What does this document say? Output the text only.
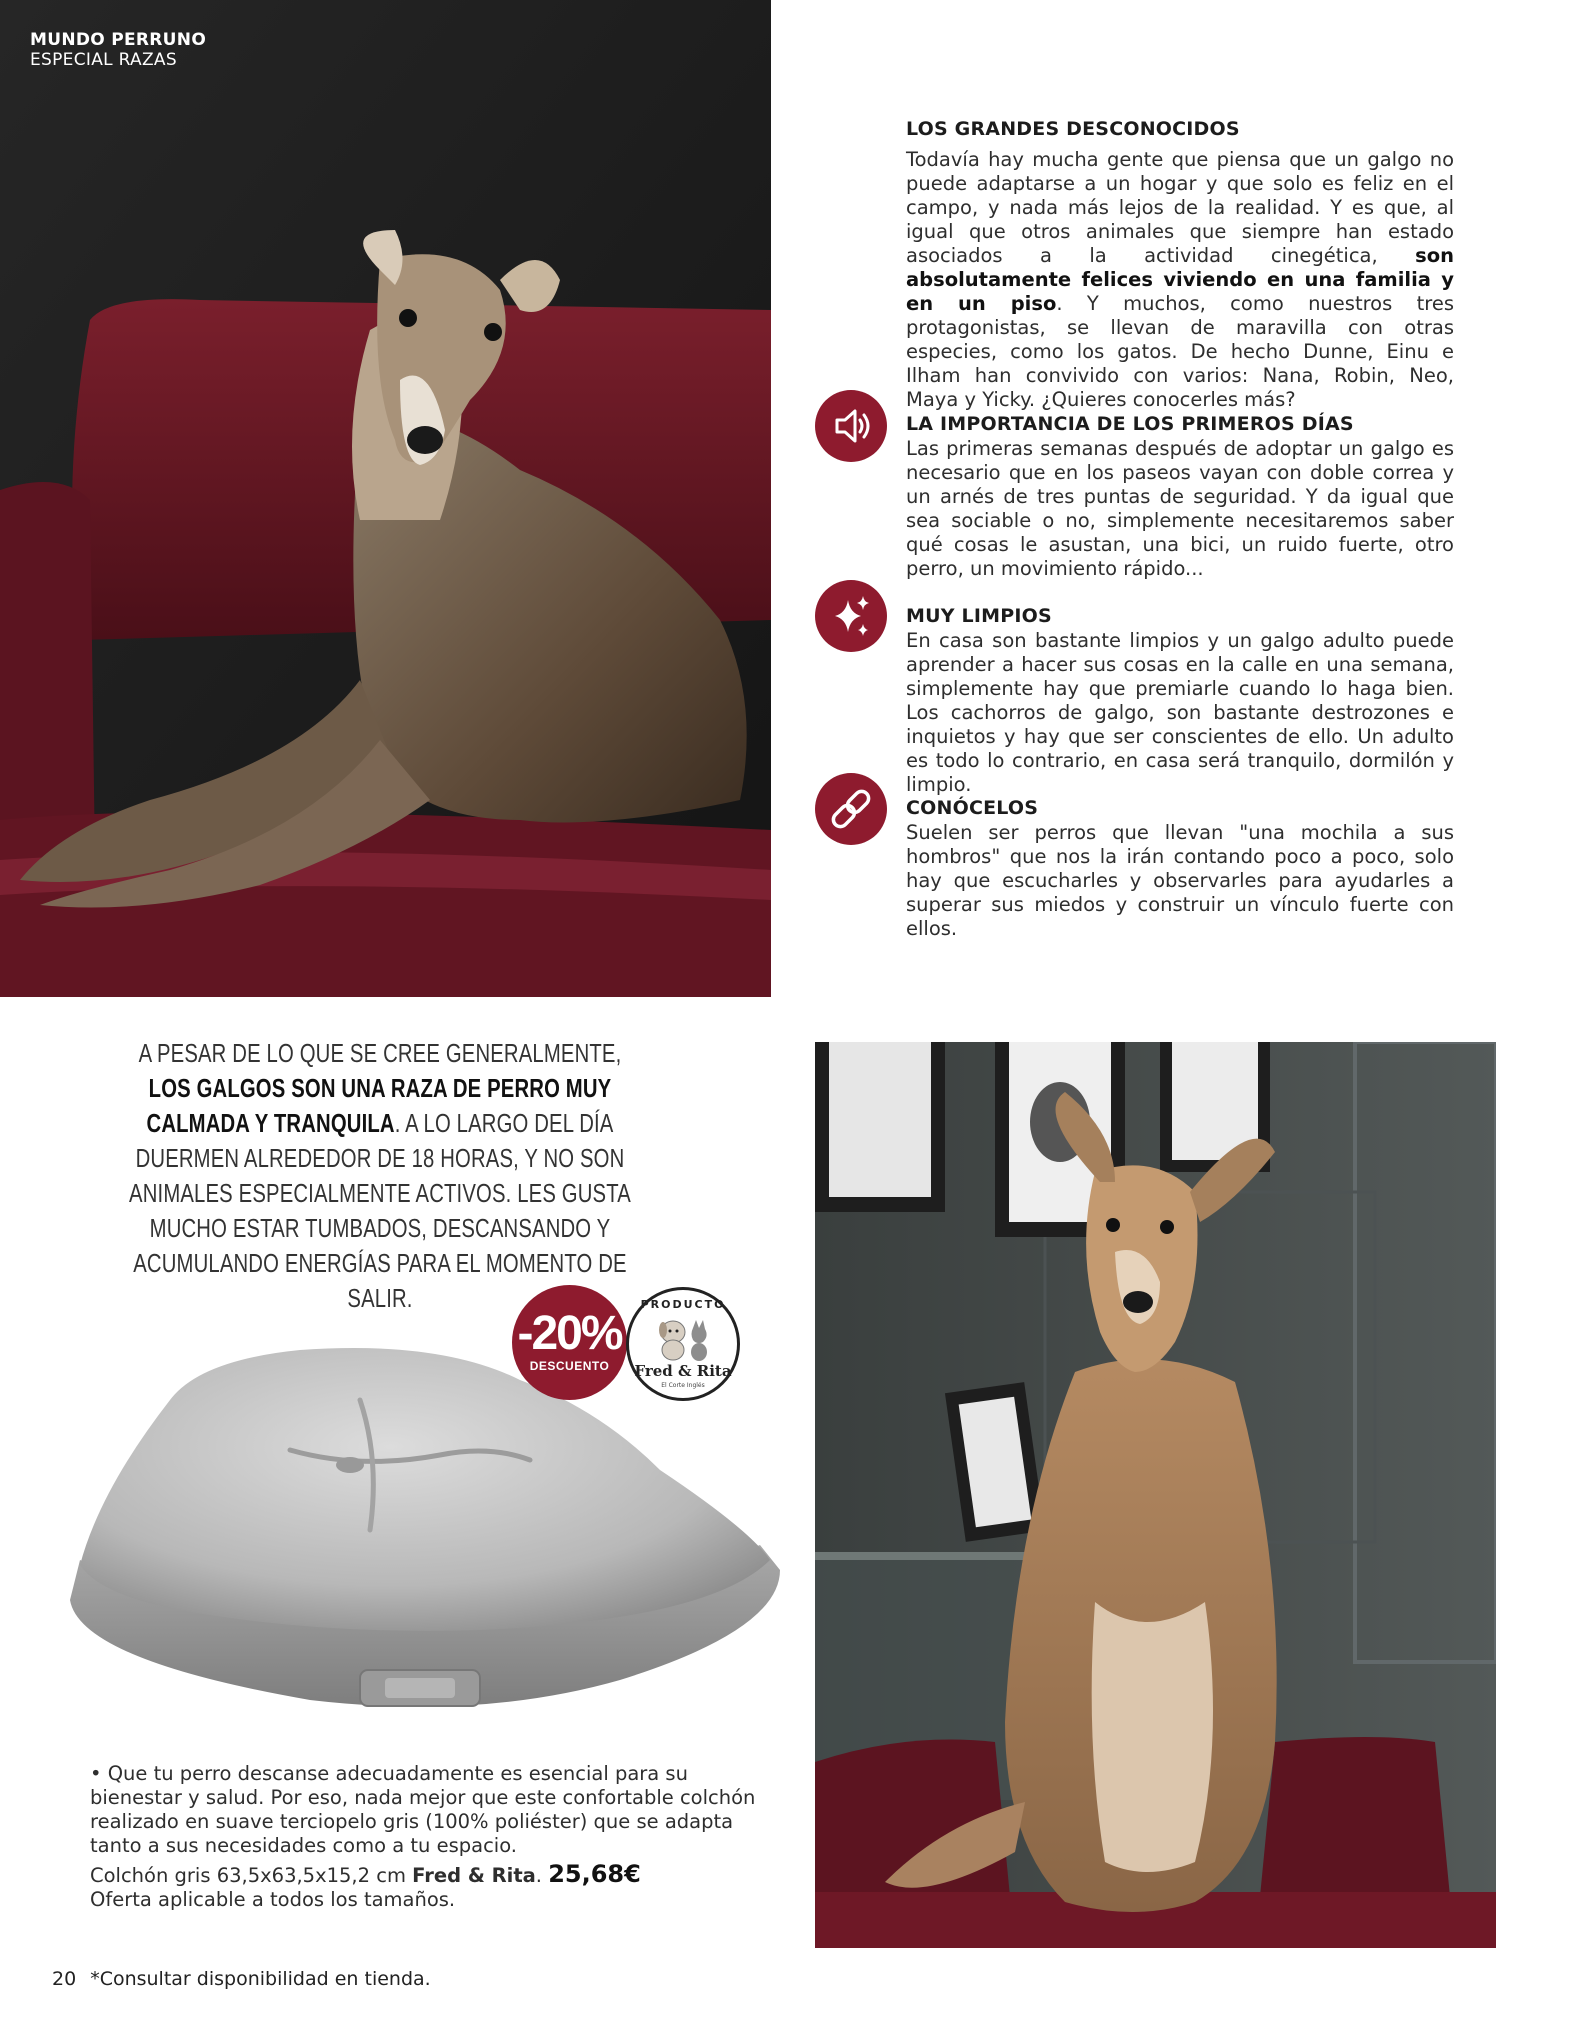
MUNDO PERRUNO
ESPECIAL RAZAS
LOS GRANDES DESCONOCIDOS

Todavía hay mucha gente que piensa que un galgo no puede adaptarse a un hogar y que solo es feliz en el campo, y nada más lejos de la realidad. Y es que, al igual que otros animales que siempre han estado asociados a la actividad cinegética, son absolutamente felices viviendo en una familia y en un piso. Y muchos, como nuestros tres protagonistas, se llevan de maravilla con otras especies, como los gatos. De hecho Dunne, Einu e Ilham han convivido con varios: Nana, Robin, Neo, Maya y Yicky. ¿Quieres conocerles más?

LA IMPORTANCIA DE LOS PRIMEROS DÍAS

Las primeras semanas después de adoptar un galgo es necesario que en los paseos vayan con doble correa y un arnés de tres puntas de seguridad. Y da igual que sea sociable o no, simplemente necesitaremos saber qué cosas le asustan, una bici, un ruido fuerte, otro perro, un movimiento rápido...

MUY LIMPIOS

En casa son bastante limpios y un galgo adulto puede aprender a hacer sus cosas en la calle en una semana, simplemente hay que premiarle cuando lo haga bien. Los cachorros de galgo, son bastante destrozones e inquietos y hay que ser conscientes de ello. Un adulto es todo lo contrario, en casa será tranquilo, dormilón y limpio.

CONÓCELOS

Suelen ser perros que llevan "una mochila a sus hombros" que nos la irán contando poco a poco, solo hay que escucharles y observarles para ayudarles a superar sus miedos y construir un vínculo fuerte con ellos.

A PESAR DE LO QUE SE CREE GENERALMENTE, LOS GALGOS SON UNA RAZA DE PERRO MUY CALMADA Y TRANQUILA. A LO LARGO DEL DÍA DUERMEN ALREDEDOR DE 18 HORAS, Y NO SON ANIMALES ESPECIALMENTE ACTIVOS. LES GUSTA MUCHO ESTAR TUMBADOS, DESCANSANDO Y ACUMULANDO ENERGÍAS PARA EL MOMENTO DE SALIR.
-20%
DESCUENTO
PRODUCTO
Fred & Rita
El Corte Inglés

• Que tu perro descanse adecuadamente es esencial para su bienestar y salud. Por eso, nada mejor que este confortable colchón realizado en suave terciopelo gris (100% poliéster) que se adapta tanto a sus necesidades como a tu espacio.

Colchón gris 63,5x63,5x15,2 cm Fred & Rita. 25,68€

Oferta aplicable a todos los tamaños.

20 *Consultar disponibilidad en tienda.
